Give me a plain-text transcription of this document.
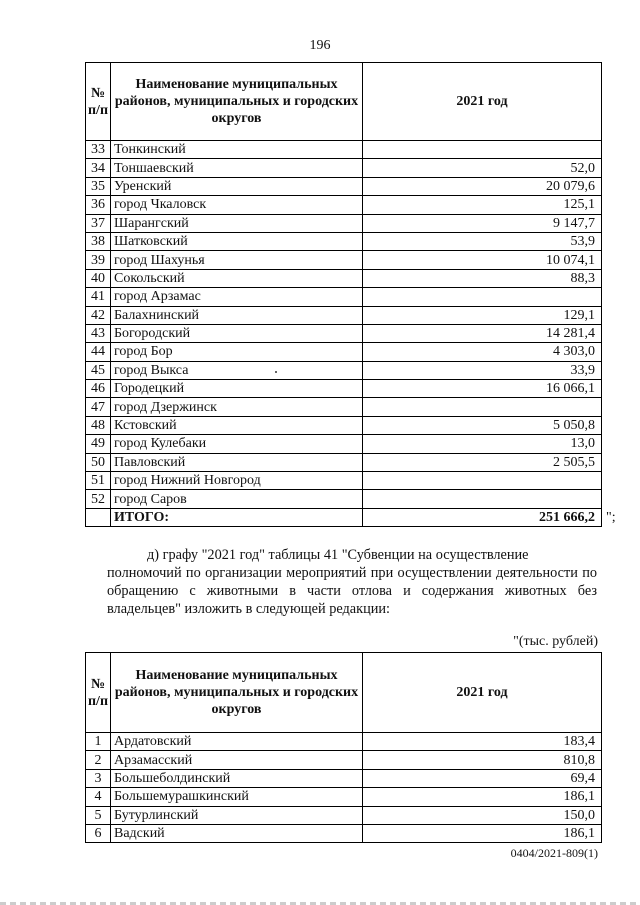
196
№ п/п	Наименование муниципальных районов, муниципальных и городских округов	2021 год
33	Тонкинский	
34	Тоншаевский	52,0
35	Уренский	20 079,6
36	город Чкаловск	125,1
37	Шарангский	9 147,7
38	Шатковский	53,9
39	город Шахунья	10 074,1
40	Сокольский	88,3
41	город Арзамас	
42	Балахнинский	129,1
43	Богородский	14 281,4
44	город Бор	4 303,0
45	город Выкса	33,9
46	Городецкий	16 066,1
47	город Дзержинск	
48	Кстовский	5 050,8
49	город Кулебаки	13,0
50	Павловский	2 505,5
51	город Нижний Новгород	
52	город Саров	
	ИТОГО:	251 666,2 ";
д) графу "2021 год" таблицы 41 "Субвенции на осуществление
полномочий по организации мероприятий при осуществлении деятельности по обращению с животными в части отлова и содержания животных без владельцев" изложить в следующей редакции:
"(тыс. рублей)
№ п/п	Наименование муниципальных районов, муниципальных и городских округов	2021 год
1	Ардатовский	183,4
2	Арзамасский	810,8
3	Большеболдинский	69,4
4	Большемурашкинский	186,1
5	Бутурлинский	150,0
6	Вадский	186,1
0404/2021-809(1)
